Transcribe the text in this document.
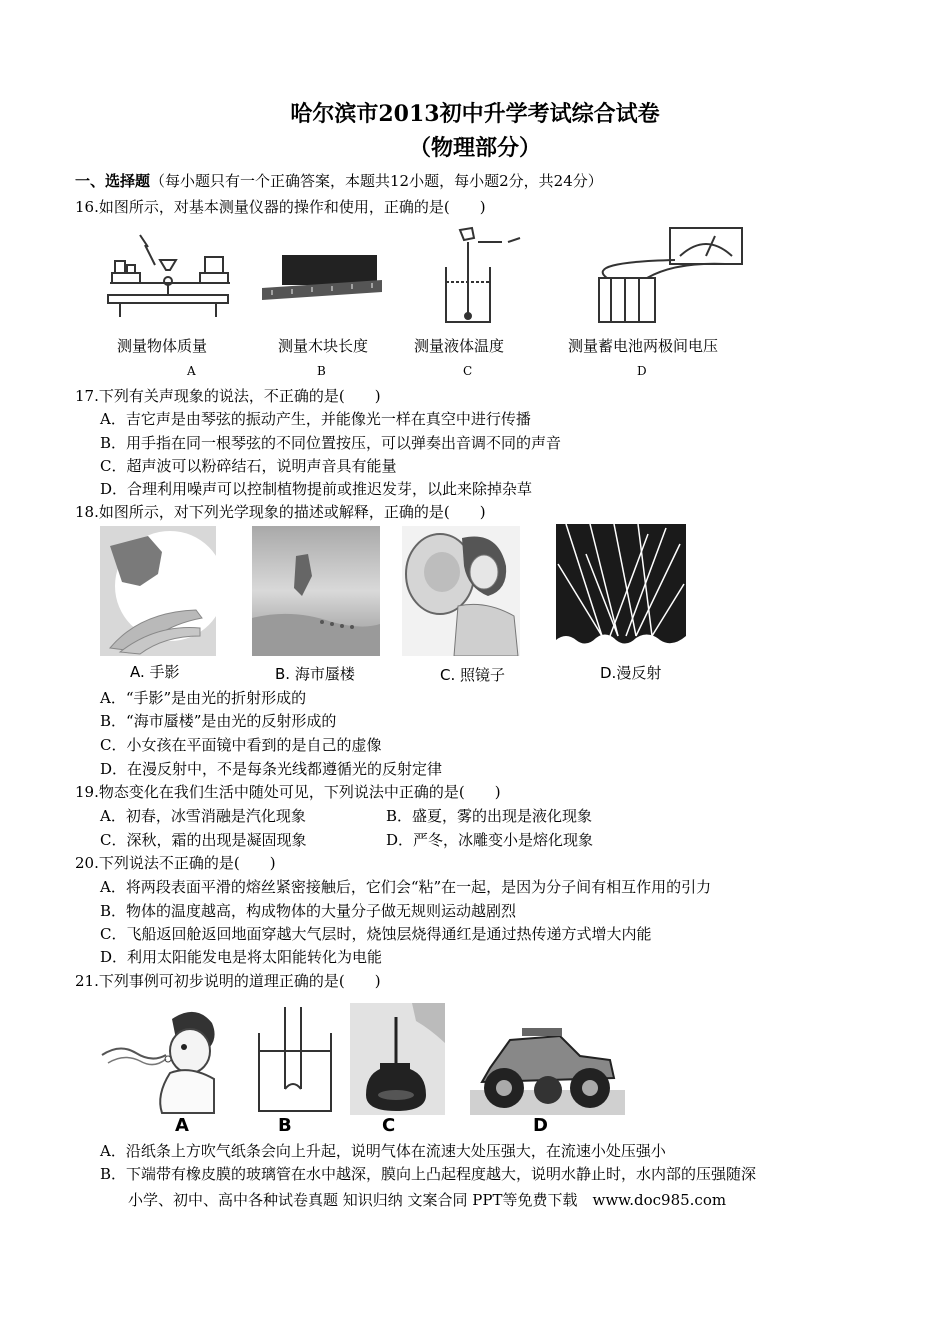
哈尔滨市2013初中升学考试综合试卷
（物理部分）
一、选择题（每小题只有一个正确答案，本题共12小题，每小题2分，共24分）
16.如图所示，对基本测量仪器的操作和使用，正确的是(　　)
测量物体质量	测量木块长度	测量液体温度	测量蓄电池两极间电压
A	B	C	D
17.下列有关声现象的说法，不正确的是(　　)
A．吉它声是由琴弦的振动产生，并能像光一样在真空中进行传播
B．用手指在同一根琴弦的不同位置按压，可以弹奏出音调不同的声音
C．超声波可以粉碎结石，说明声音具有能量
D．合理利用噪声可以控制植物提前或推迟发芽，以此来除掉杂草
18.如图所示，对下列光学现象的描述或解释，正确的是(　　)
A. 手影	B. 海市蜃楼	C. 照镜子	D.漫反射
A．“手影”是由光的折射形成的
B．“海市蜃楼”是由光的反射形成的
C．小女孩在平面镜中看到的是自己的虚像
D．在漫反射中，不是每条光线都遵循光的反射定律
19.物态变化在我们生活中随处可见，下列说法中正确的是(　　)
A．初春，冰雪消融是汽化现象	B．盛夏，雾的出现是液化现象
C．深秋，霜的出现是凝固现象	D．严冬，冰雕变小是熔化现象
20.下列说法不正确的是(　　)
A．将两段表面平滑的熔丝紧密接触后，它们会“粘”在一起，是因为分子间有相互作用的引力
B．物体的温度越高，构成物体的大量分子做无规则运动越剧烈
C．飞船返回舱返回地面穿越大气层时，烧蚀层烧得通红是通过热传递方式增大内能
D．利用太阳能发电是将太阳能转化为电能
21.下列事例可初步说明的道理正确的是(　　)
A	B	C	D
A．沿纸条上方吹气纸条会向上升起，说明气体在流速大处压强大，在流速小处压强小
B．下端带有橡皮膜的玻璃管在水中越深，膜向上凸起程度越大，说明水静止时，水内部的压强随深
小学、初中、高中各种试卷真题 知识归纳 文案合同 PPT等免费下载　www.doc985.com
